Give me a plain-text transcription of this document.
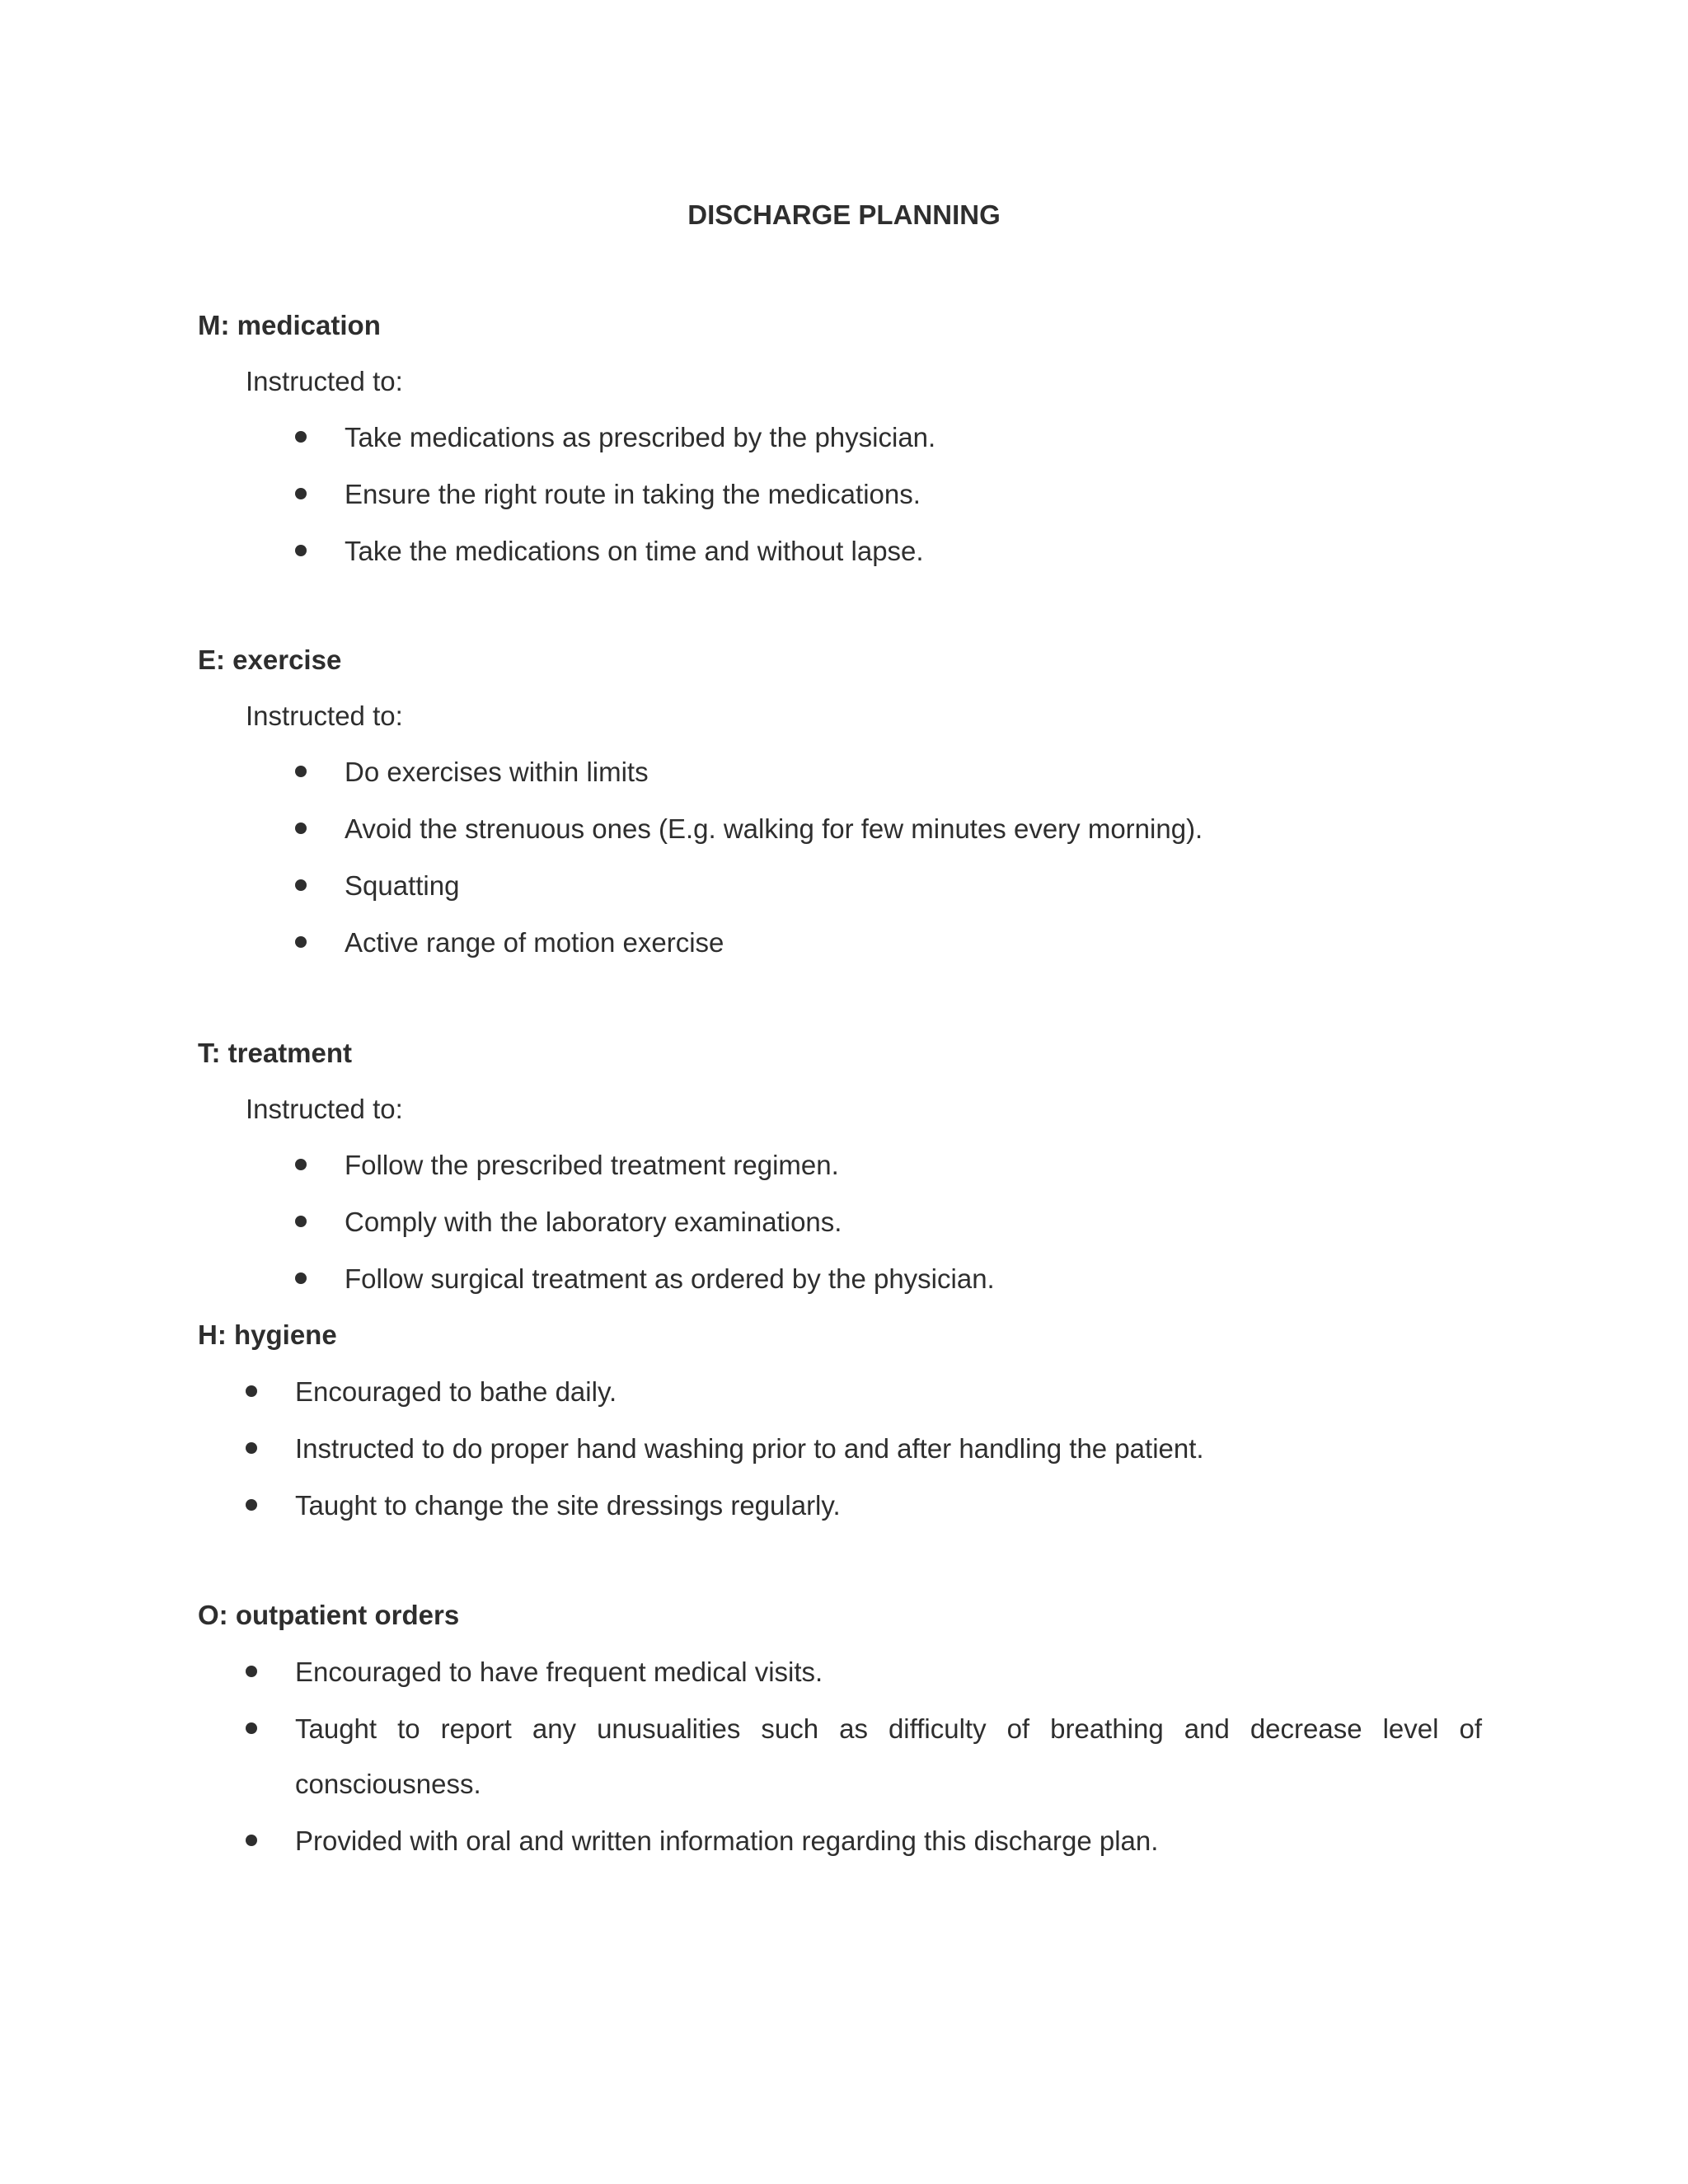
DISCHARGE PLANNING
M: medication
Instructed to:
Take medications as prescribed by the physician.
Ensure the right route in taking the medications.
Take the medications on time and without lapse.
E: exercise
Instructed to:
Do exercises within limits
Avoid the strenuous ones (E.g. walking for few minutes every morning).
Squatting
Active range of motion exercise
T: treatment
Instructed to:
Follow the prescribed treatment regimen.
Comply with the laboratory examinations.
Follow surgical treatment as ordered by the physician.
H: hygiene
Encouraged to bathe daily.
Instructed to do proper hand washing prior to and after handling the patient.
Taught to change the site dressings regularly.
O: outpatient orders
Encouraged to have frequent medical visits.
Taught to report any unusualities such as difficulty of breathing and decrease level of
consciousness.
Provided with oral and written information regarding this discharge plan.
